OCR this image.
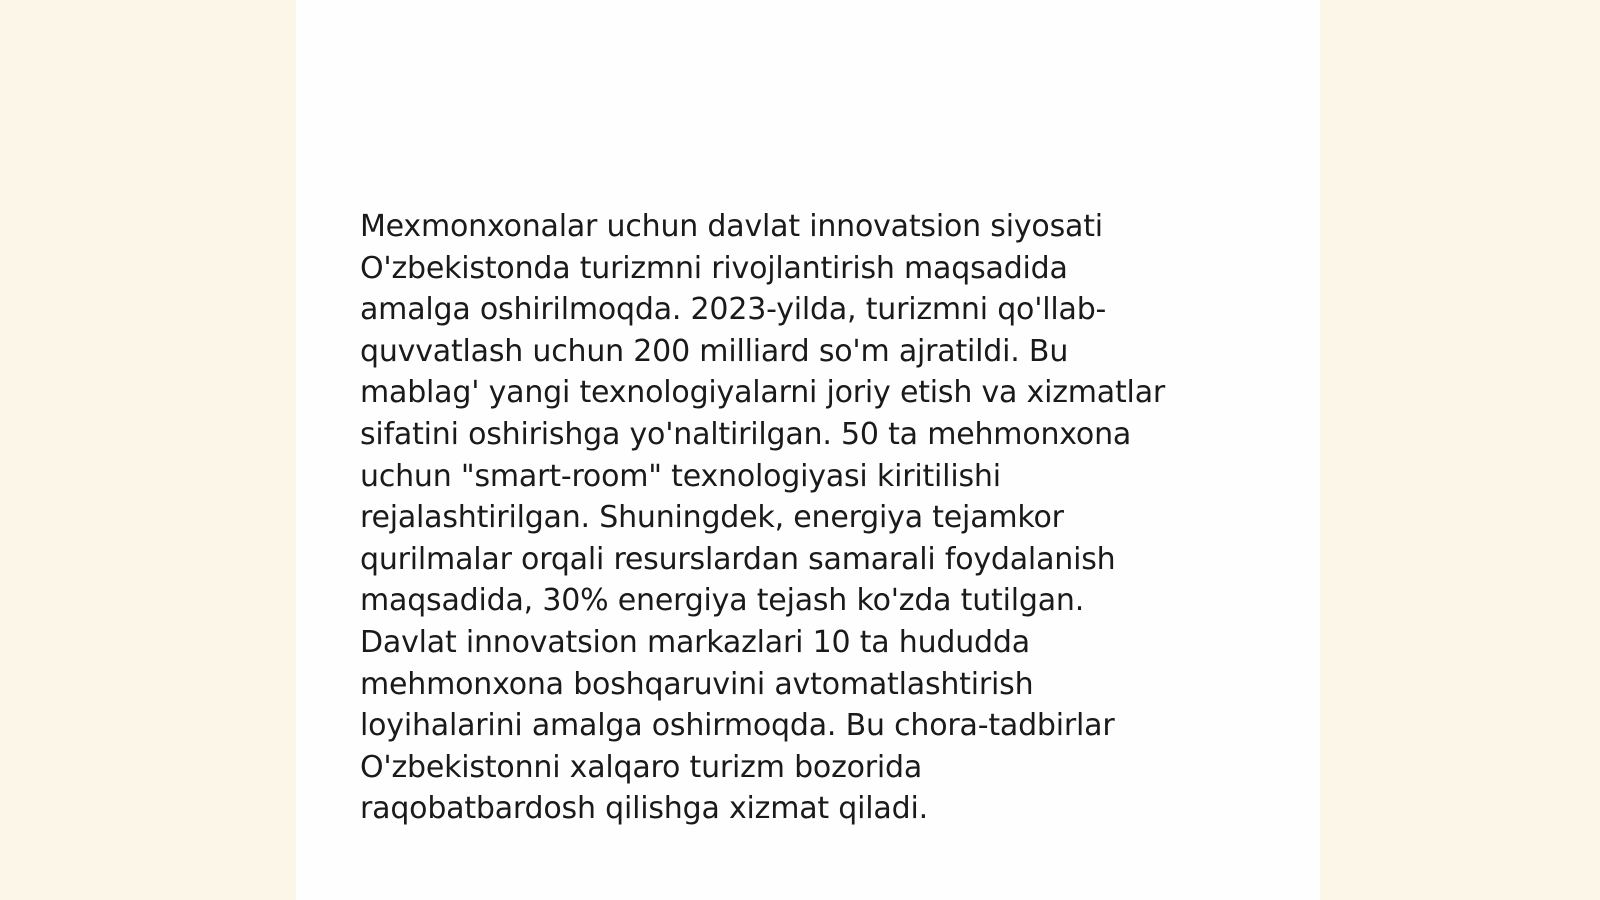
Mexmonxonalar uchun davlat innovatsion siyosati
O'zbekistonda turizmni rivojlantirish maqsadida
amalga oshirilmoqda. 2023-yilda, turizmni qo'llab-
quvvatlash uchun 200 milliard so'm ajratildi. Bu
mablag' yangi texnologiyalarni joriy etish va xizmatlar
sifatini oshirishga yo'naltirilgan. 50 ta mehmonxona
uchun "smart-room" texnologiyasi kiritilishi
rejalashtirilgan. Shuningdek, energiya tejamkor
qurilmalar orqali resurslardan samarali foydalanish
maqsadida, 30% energiya tejash ko'zda tutilgan.
Davlat innovatsion markazlari 10 ta hududda
mehmonxona boshqaruvini avtomatlashtirish
loyihalarini amalga oshirmoqda. Bu chora-tadbirlar
O'zbekistonni xalqaro turizm bozorida
raqobatbardosh qilishga xizmat qiladi.
